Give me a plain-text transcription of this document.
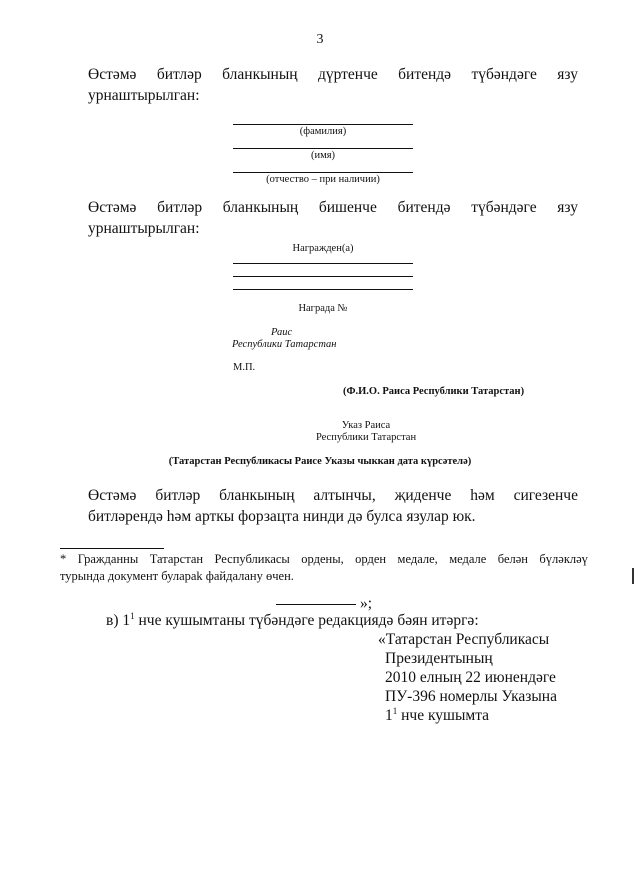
3
Өстәмә битләр бланкының дүртенче битендә түбәндәге язу
урнаштырылган:
(фамилия)
(имя)
(отчество – при наличии)
Өстәмә битләр бланкының бишенче битендә түбәндәге язу
урнаштырылган:
Награжден(а)
Награда №
Раис
Республики Татарстан
М.П.
(Ф.И.О. Раиса Республики Татарстан)
Указ Раиса
Республики Татарстан
(Татарстан Республикасы Раисе Указы чыккан дата күрсәтелә)
Өстәмә битләр бланкының алтынчы, җиденче һәм сигезенче
битләрендә һәм арткы форзацта нинди дә булса язулар юк.
* Гражданны Татарстан Республикасы ордены, орден медале, медале белән бүләкләү
турында документ булараk файдалану өчен.
»;
в) $1^1$ нче кушымтаны түбәндәге редакциядә бәян итәргә:
«Татарстан Республикасы
Президентының
2010 елның 22 июнендәге
ПУ-396 номерлы Указына
$1^1$ нче кушымта
